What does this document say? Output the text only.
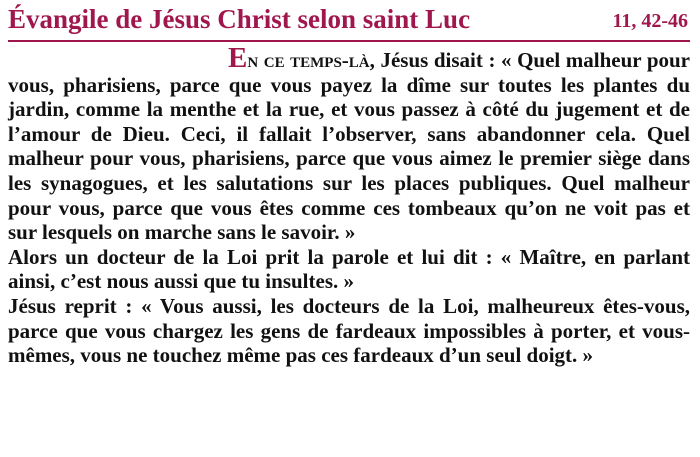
Évangile de Jésus Christ selon saint Luc	11, 42-46

En ce temps-là, Jésus disait : « Quel malheur pour vous, pharisiens, parce que vous payez la dîme sur toutes les plantes du jardin, comme la menthe et la rue, et vous passez à côté du jugement et de l’amour de Dieu. Ceci, il fallait l’observer, sans abandonner cela. Quel malheur pour vous, pharisiens, parce que vous aimez le premier siège dans les synagogues, et les salutations sur les places publiques. Quel malheur pour vous, parce que vous êtes comme ces tombeaux qu’on ne voit pas et sur lesquels on marche sans le savoir. »

Alors un docteur de la Loi prit la parole et lui dit : « Maître, en parlant ainsi, c’est nous aussi que tu insultes. »

Jésus reprit : « Vous aussi, les docteurs de la Loi, malheureux êtes-vous, parce que vous chargez les gens de fardeaux impossibles à porter, et vous-mêmes, vous ne touchez même pas ces fardeaux d’un seul doigt. »
